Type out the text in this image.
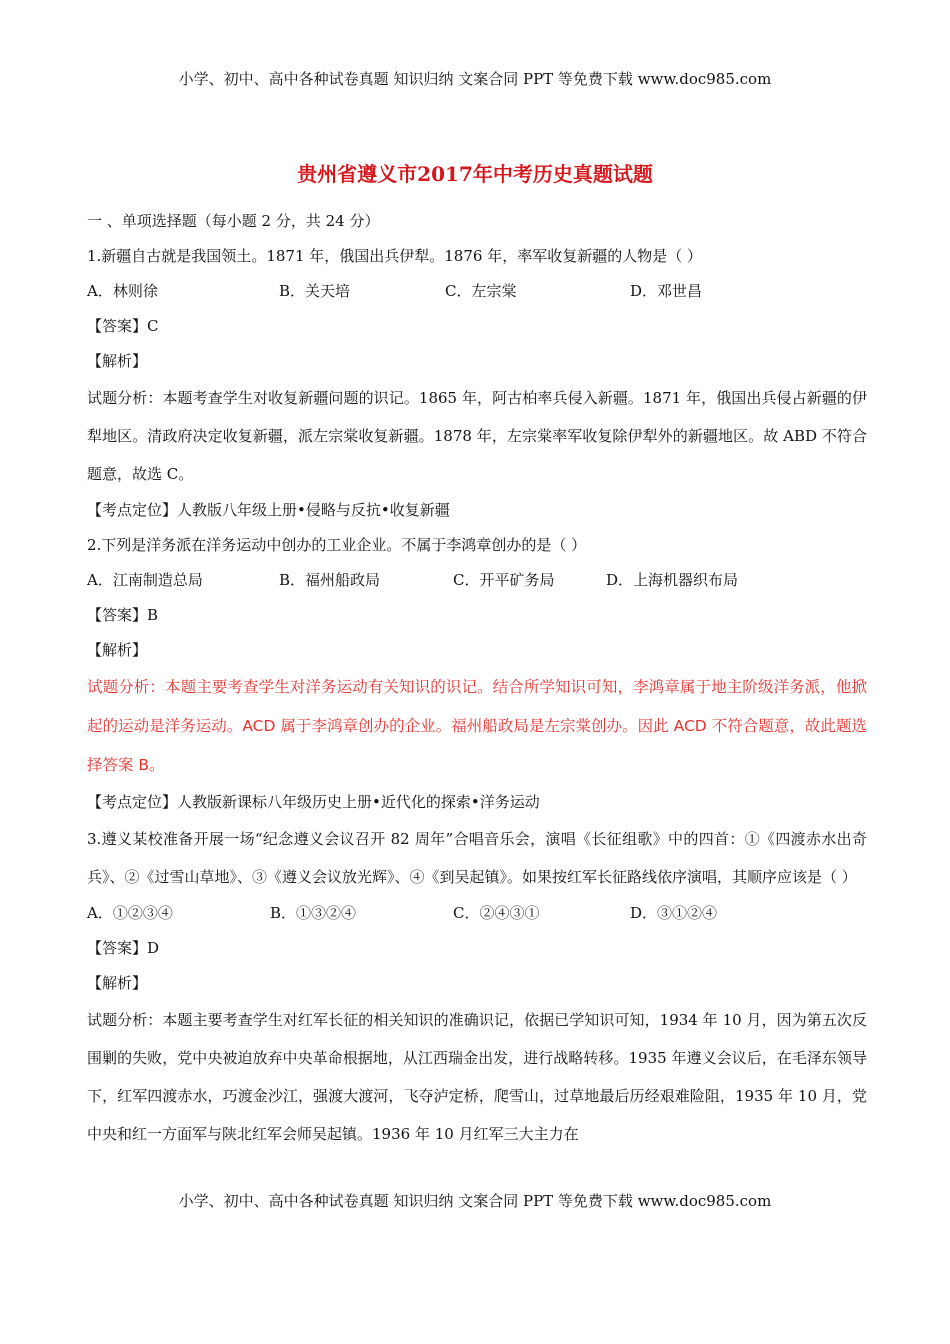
小学、初中、高中各种试卷真题 知识归纳 文案合同 PPT 等免费下载 www.doc985.com
贵州省遵义市2017年中考历史真题试题
一 、单项选择题（每小题 2 分，共 24 分）
1.新疆自古就是我国领土。1871 年，俄国出兵伊犁。1876 年，率军收复新疆的人物是（ ）
A．林则徐	B．关天培	C．左宗棠	D．邓世昌
【答案】C
【解析】

试题分析：本题考查学生对收复新疆问题的识记。1865 年，阿古柏率兵侵入新疆。1871 年，俄国出兵侵占新疆的伊犁地区。清政府决定收复新疆，派左宗棠收复新疆。1878 年，左宗棠率军收复除伊犁外的新疆地区。故 ABD 不符合题意，故选 C。

【考点定位】人教版八年级上册•侵略与反抗•收复新疆
2.下列是洋务派在洋务运动中创办的工业企业。不属于李鸿章创办的是（ ）
A．江南制造总局	B．福州船政局	C．开平矿务局	D．上海机器织布局
【答案】B
【解析】

试题分析：本题主要考查学生对洋务运动有关知识的识记。结合所学知识可知，李鸿章属于地主阶级洋务派，他掀起的运动是洋务运动。ACD 属于李鸿章创办的企业。福州船政局是左宗棠创办。因此 ACD 不符合题意，故此题选择答案 B。

【考点定位】人教版新课标八年级历史上册•近代化的探索•洋务运动

3.遵义某校准备开展一场“纪念遵义会议召开 82 周年”合唱音乐会，演唱《长征组歌》中的四首：①《四渡赤水出奇兵》、②《过雪山草地》、③《遵义会议放光辉》、④《到吴起镇》。如果按红军长征路线依序演唱，其顺序应该是（ ）

A．①②③④	B．①③②④	C．②④③①	D．③①②④
【答案】D
【解析】

试题分析：本题主要考查学生对红军长征的相关知识的准确识记，依据已学知识可知，1934 年 10 月，因为第五次反围剿的失败，党中央被迫放弃中央革命根据地，从江西瑞金出发，进行战略转移。1935 年遵义会议后，在毛泽东领导下，红军四渡赤水，巧渡金沙江，强渡大渡河，飞夺泸定桥，爬雪山，过草地最后历经艰难险阻，1935 年 10 月，党中央和红一方面军与陕北红军会师吴起镇。1936 年 10 月红军三大主力在

小学、初中、高中各种试卷真题 知识归纳 文案合同 PPT 等免费下载 www.doc985.com
